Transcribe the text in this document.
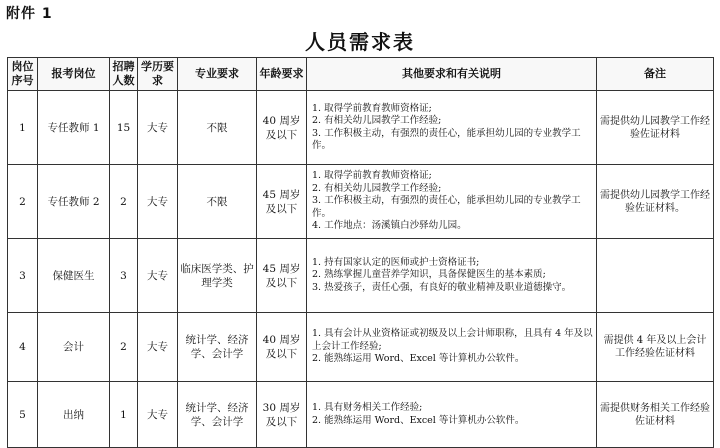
附件 1
人员需求表
岗位序号	报考岗位	招聘人数	学历要求	专业要求	年龄要求	其他要求和有关说明	备注
1	专任教师 1	15	大专	不限	40 周岁及以下	1. 取得学前教育教师资格证;
2. 有相关幼儿园教学工作经验;
3. 工作积极主动，有强烈的责任心，能承担幼儿园的专业教学工作。	需提供幼儿园教学工作经验佐证材料
2	专任教师 2	2	大专	不限	45 周岁及以下	1. 取得学前教育教师资格证;
2. 有相关幼儿园教学工作经验;
3. 工作积极主动，有强烈的责任心，能承担幼儿园的专业教学工作。
4. 工作地点：汤溪镇白沙驿幼儿园。	需提供幼儿园教学工作经验佐证材料。
3	保健医生	3	大专	临床医学类、护理学类	45 周岁及以下	1. 持有国家认定的医师或护士资格证书;
2. 熟练掌握儿童营养学知识，具备保健医生的基本素质;
3. 热爱孩子，责任心强，有良好的敬业精神及职业道德操守。	

4	会计	2	大专	统计学、经济学、会计学	40 周岁及以下	1. 具有会计从业资格证或初级及以上会计师职称，且具有 4 年及以上会计工作经验;
2. 能熟练运用 Word、Excel 等计算机办公软件。	需提供 4 年及以上会计工作经验佐证材料
5	出纳	1	大专	统计学、经济学、会计学	30 周岁及以下	1. 具有财务相关工作经验;
2. 能熟练运用 Word、Excel 等计算机办公软件。	需提供财务相关工作经验佐证材料
